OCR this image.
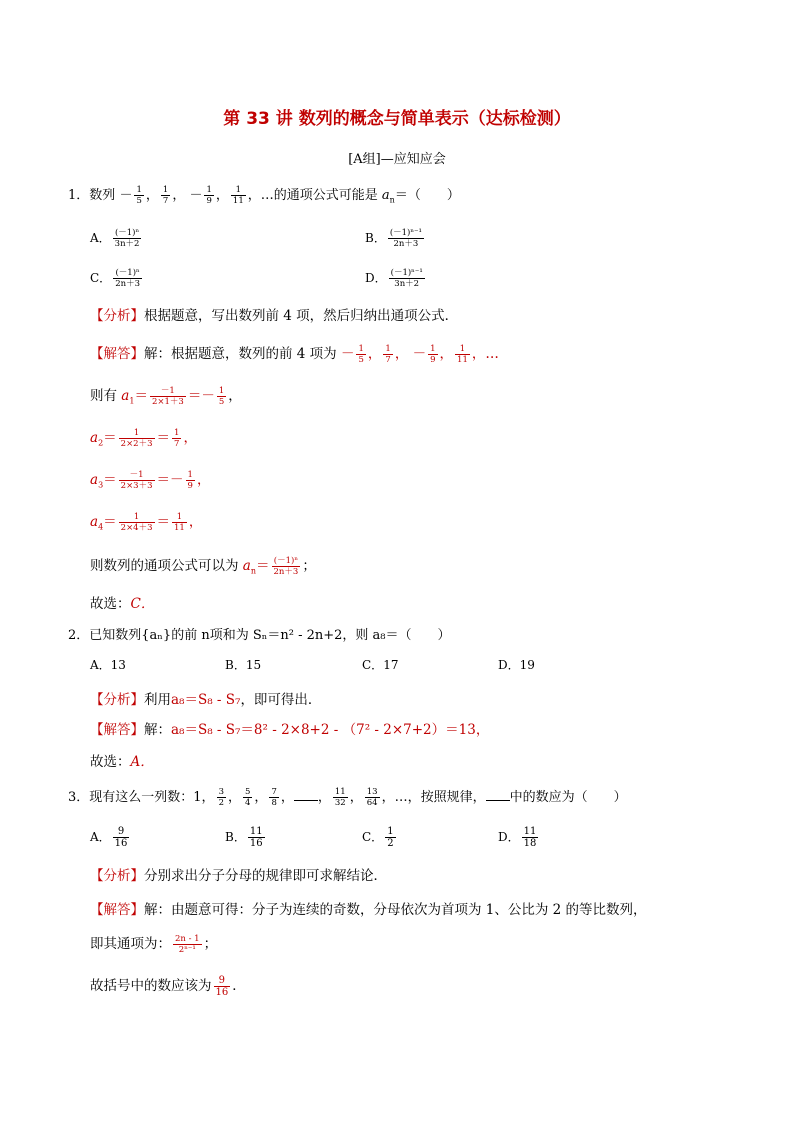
第 33 讲 数列的概念与简单表示（达标检测）
[A组]—应知应会
1．数列 － $\frac{1}{5}$ ， $\frac{1}{7}$ ， － $\frac{1}{9}$ ， $\frac{1}{11}$ ，…的通项公式可能是 $a_n=$（　　）
A． $\frac{\text{(－1)ⁿ}}{3n+2}$	B． $\frac{\text{(－1)ⁿ⁻¹}}{2n+3}$
C． $\frac{\text{(－1)ⁿ}}{2n+3}$	D． $\frac{\text{(－1)ⁿ⁻¹}}{3n+2}$
【分析】根据题意，写出数列前 4 项，然后归纳出通项公式．
【解答】解：根据题意，数列的前 4 项为 － $\frac{1}{5}$ ， $\frac{1}{7}$ ， － $\frac{1}{9}$ ， $\frac{1}{11}$ ，…
则有 $a_1= \frac{-1}{2\times 1+3} =- \frac{1}{5}$ ，
$a_2= \frac{1}{2\times 2+3} = \frac{1}{7}$ ，
$a_3= \frac{-1}{2\times 3+3} =- \frac{1}{9}$ ，
$a_4= \frac{1}{2\times 4+3} = \frac{1}{11}$ ，
则数列的通项公式可以为 $a_n= \frac{\text{(－1)ⁿ}}{2n+3}$ ；
故选：C．
2．已知数列{aₙ}的前 n项和为 Sₙ＝n² - 2n+2，则 a₈＝（　　）
A．13	B．15	C．17	D．19
【分析】利用a₈＝S₈ - S₇，即可得出．
【解答】解：a₈＝S₈ - S₇＝8² - 2×8+2 - （7² - 2×7+2）＝13，
故选：A．
3．现有这么一列数：1， $\frac{3}{2}$ ， $\frac{5}{4}$ ， $\frac{7}{8}$ ， ， $\frac{11}{32}$ ， $\frac{13}{64}$ ，…，按照规律， 中的数应为（　　）
A． $\frac{9}{16}$	B． $\frac{11}{16}$	C． $\frac{1}{2}$	D． $\frac{11}{18}$
【分析】分别求出分子分母的规律即可求解结论．
【解答】解：由题意可得：分子为连续的奇数，分母依次为首项为 1、公比为 2 的等比数列，
即其通项为： $\frac{2n - 1}{\text{2ⁿ⁻¹}}$ ；
故括号中的数应该为 $\frac{9}{16}$ ．
